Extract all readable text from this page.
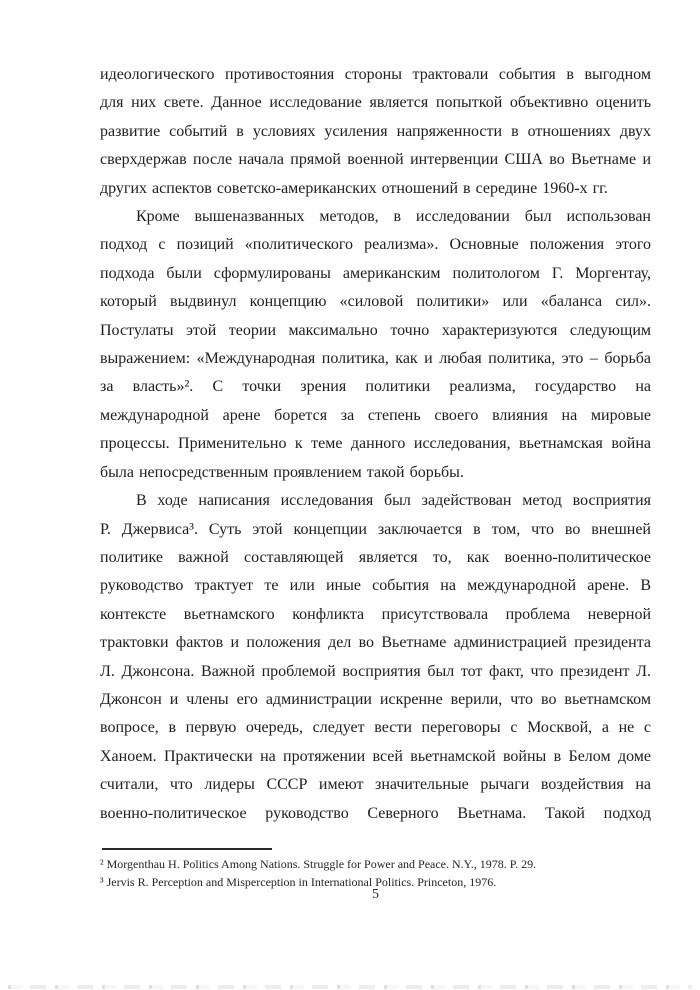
идеологического противостояния стороны трактовали события в выгодном
для них свете. Данное исследование является попыткой объективно оценить
развитие событий в условиях усиления напряженности в отношениях двух
сверхдержав после начала прямой военной интервенции США во Вьетнаме и
других аспектов советско-американских отношений в середине 1960-х гг.
Кроме вышеназванных методов, в исследовании был использован
подход с позиций «политического реализма». Основные положения этого
подхода были сформулированы американским политологом Г. Моргентау,
который выдвинул концепцию «силовой политики» или «баланса сил».
Постулаты этой теории максимально точно характеризуются следующим
выражением: «Международная политика, как и любая политика, это – борьба
за власть»². С точки зрения политики реализма, государство на
международной арене борется за степень своего влияния на мировые
процессы. Применительно к теме данного исследования, вьетнамская война
была непосредственным проявлением такой борьбы.
В ходе написания исследования был задействован метод восприятия
Р. Джервиса³. Суть этой концепции заключается в том, что во внешней
политике важной составляющей является то, как военно-политическое
руководство трактует те или иные события на международной арене. В
контексте вьетнамского конфликта присутствовала проблема неверной
трактовки фактов и положения дел во Вьетнаме администрацией президента
Л. Джонсона. Важной проблемой восприятия был тот факт, что президент Л.
Джонсон и члены его администрации искренне верили, что во вьетнамском
вопросе, в первую очередь, следует вести переговоры с Москвой, а не с
Ханоем. Практически на протяжении всей вьетнамской войны в Белом доме
считали, что лидеры СССР имеют значительные рычаги воздействия на
военно-политическое руководство Северного Вьетнама. Такой подход
² Morgenthau H. Politics Among Nations. Struggle for Power and Peace. N.Y., 1978. P. 29.
³ Jervis R. Perception and Misperception in International Politics. Princeton, 1976.
5
